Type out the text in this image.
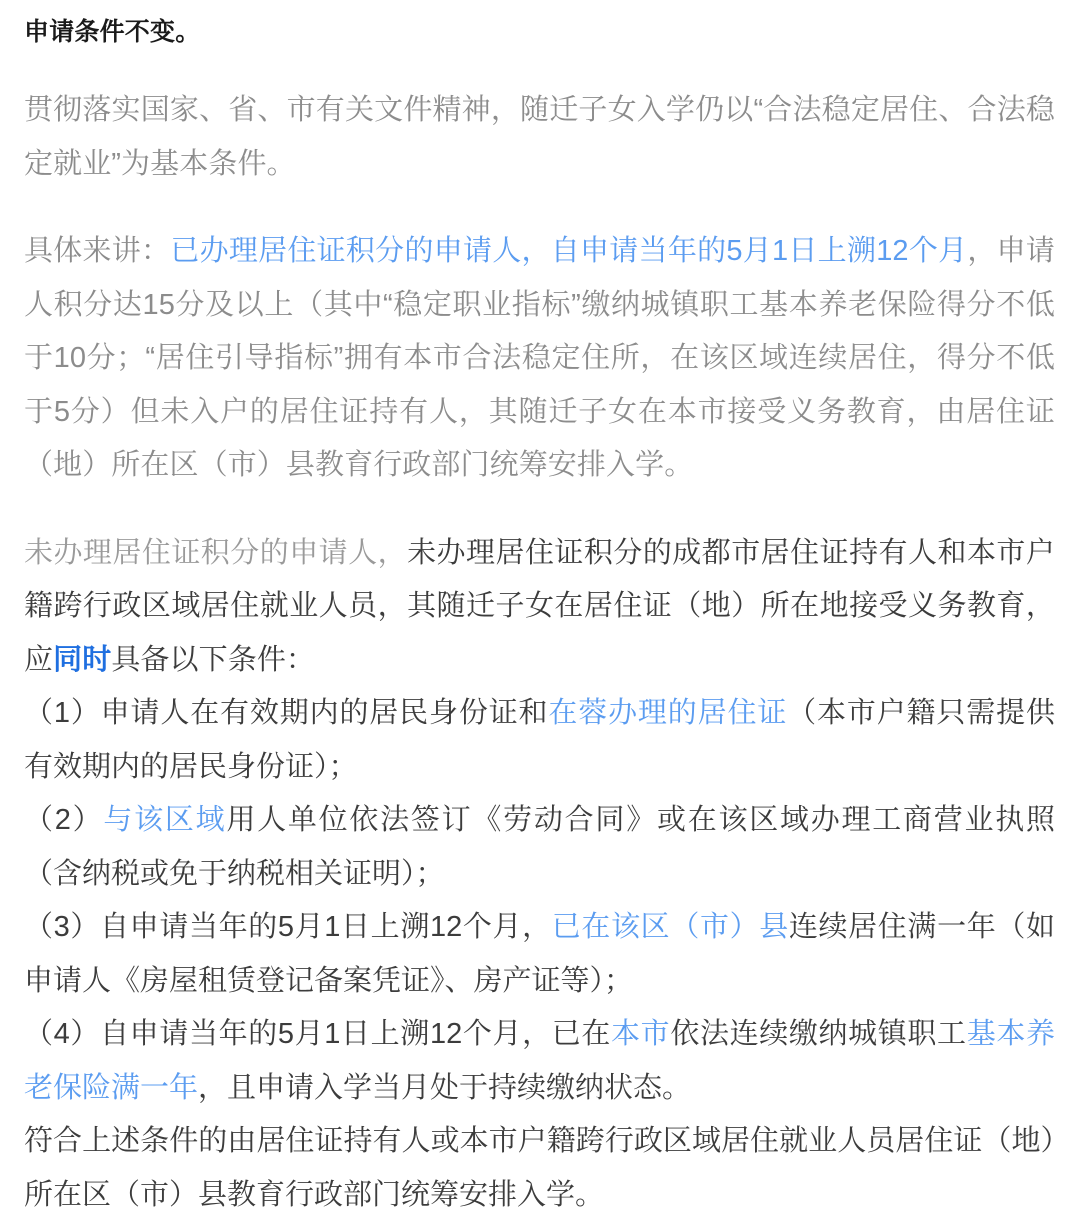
申请条件不变。

贯彻落实国家、省、市有关文件精神，随迁子女入学仍以“合法稳定居住、合法稳定就业”为基本条件。

具体来讲：已办理居住证积分的申请人，自申请当年的5月1日上溯12个月，申请人积分达15分及以上（其中“稳定职业指标”缴纳城镇职工基本养老保险得分不低于10分；“居住引导指标”拥有本市合法稳定住所，在该区域连续居住，得分不低于5分）但未入户的居住证持有人，其随迁子女在本市接受义务教育，由居住证（地）所在区（市）县教育行政部门统筹安排入学。

未办理居住证积分的申请人，未办理居住证积分的成都市居住证持有人和本市户籍跨行政区域居住就业人员，其随迁子女在居住证（地）所在地接受义务教育，应同时具备以下条件：

（1）申请人在有效期内的居民身份证和在蓉办理的居住证（本市户籍只需提供有效期内的居民身份证）；

（2）与该区域用人单位依法签订《劳动合同》或在该区域办理工商营业执照（含纳税或免于纳税相关证明）；

（3）自申请当年的5月1日上溯12个月，已在该区（市）县连续居住满一年（如申请人《房屋租赁登记备案凭证》、房产证等）；

（4）自申请当年的5月1日上溯12个月，已在本市依法连续缴纳城镇职工基本养老保险满一年，且申请入学当月处于持续缴纳状态。

符合上述条件的由居住证持有人或本市户籍跨行政区域居住就业人员居住证（地）所在区（市）县教育行政部门统筹安排入学。
